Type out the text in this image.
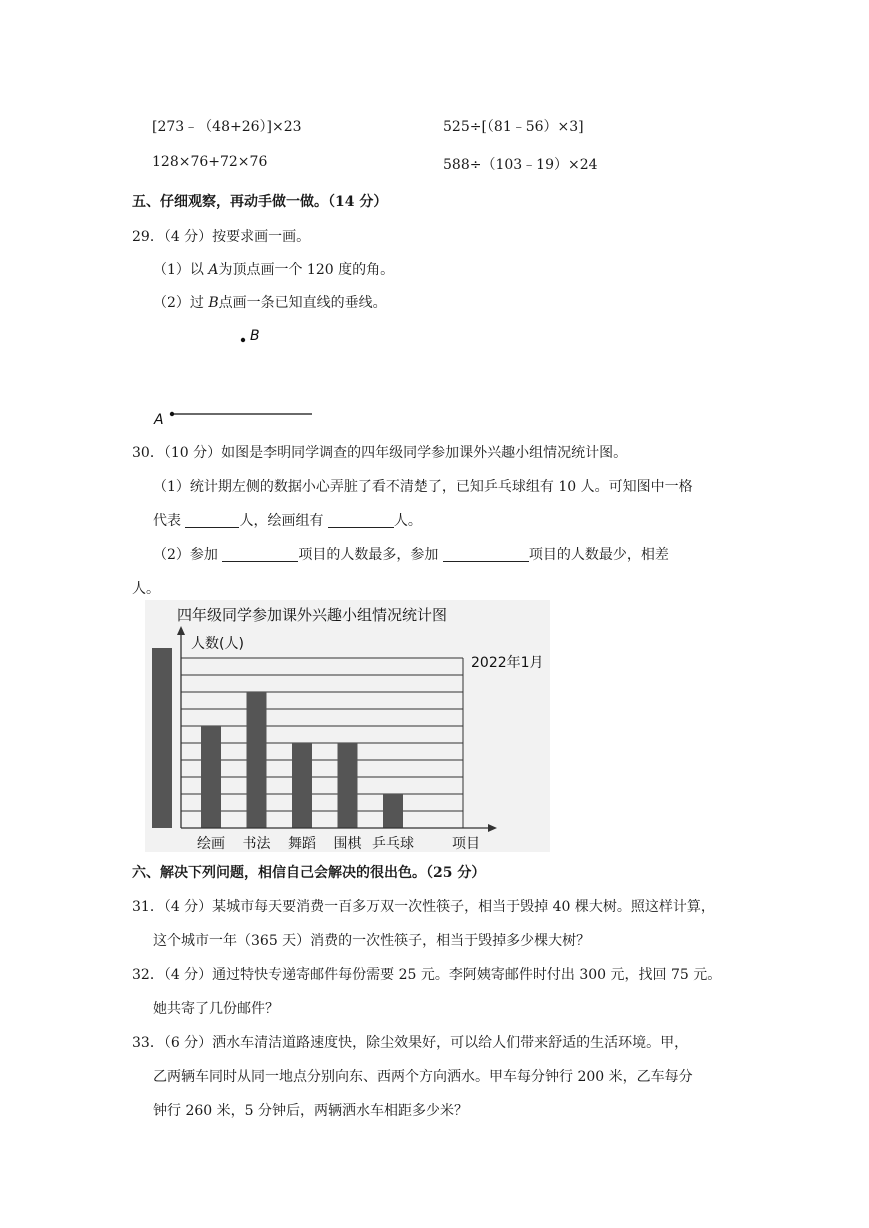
[273﹣（48+26）]×23	525÷[（81﹣56）×3]
128×76+72×76	588÷（103﹣19）×24
五、仔细观察，再动手做一做。（14 分）
29．（4 分）按要求画一画。
（1）以 A为顶点画一个 120 度的角。
（2）过 B点画一条已知直线的垂线。
B
A
30．（10 分）如图是李明同学调查的四年级同学参加课外兴趣小组情况统计图。
（1）统计期左侧的数据小心弄脏了看不清楚了，已知乒乓球组有 10 人。可知图中一格
代表	人，绘画组有	人。
（2）参加	项目的人数最多，参加	项目的人数最少，相差
人。
四年级同学参加课外兴趣小组情况统计图
人数(人)
2022年1月
绘画 书法 舞蹈 围棋 乒乓球	项目
六、解决下列问题，相信自己会解决的很出色。（25 分）
31．（4 分）某城市每天要消费一百多万双一次性筷子，相当于毁掉 40 棵大树。照这样计算，
这个城市一年（365 天）消费的一次性筷子，相当于毁掉多少棵大树？
32．（4 分）通过特快专递寄邮件每份需要 25 元。李阿姨寄邮件时付出 300 元，找回 75 元。
她共寄了几份邮件？
33．（6 分）洒水车清洁道路速度快，除尘效果好，可以给人们带来舒适的生活环境。甲，
乙两辆车同时从同一地点分别向东、西两个方向洒水。甲车每分钟行 200 米，乙车每分
钟行 260 米，5 分钟后，两辆洒水车相距多少米？
